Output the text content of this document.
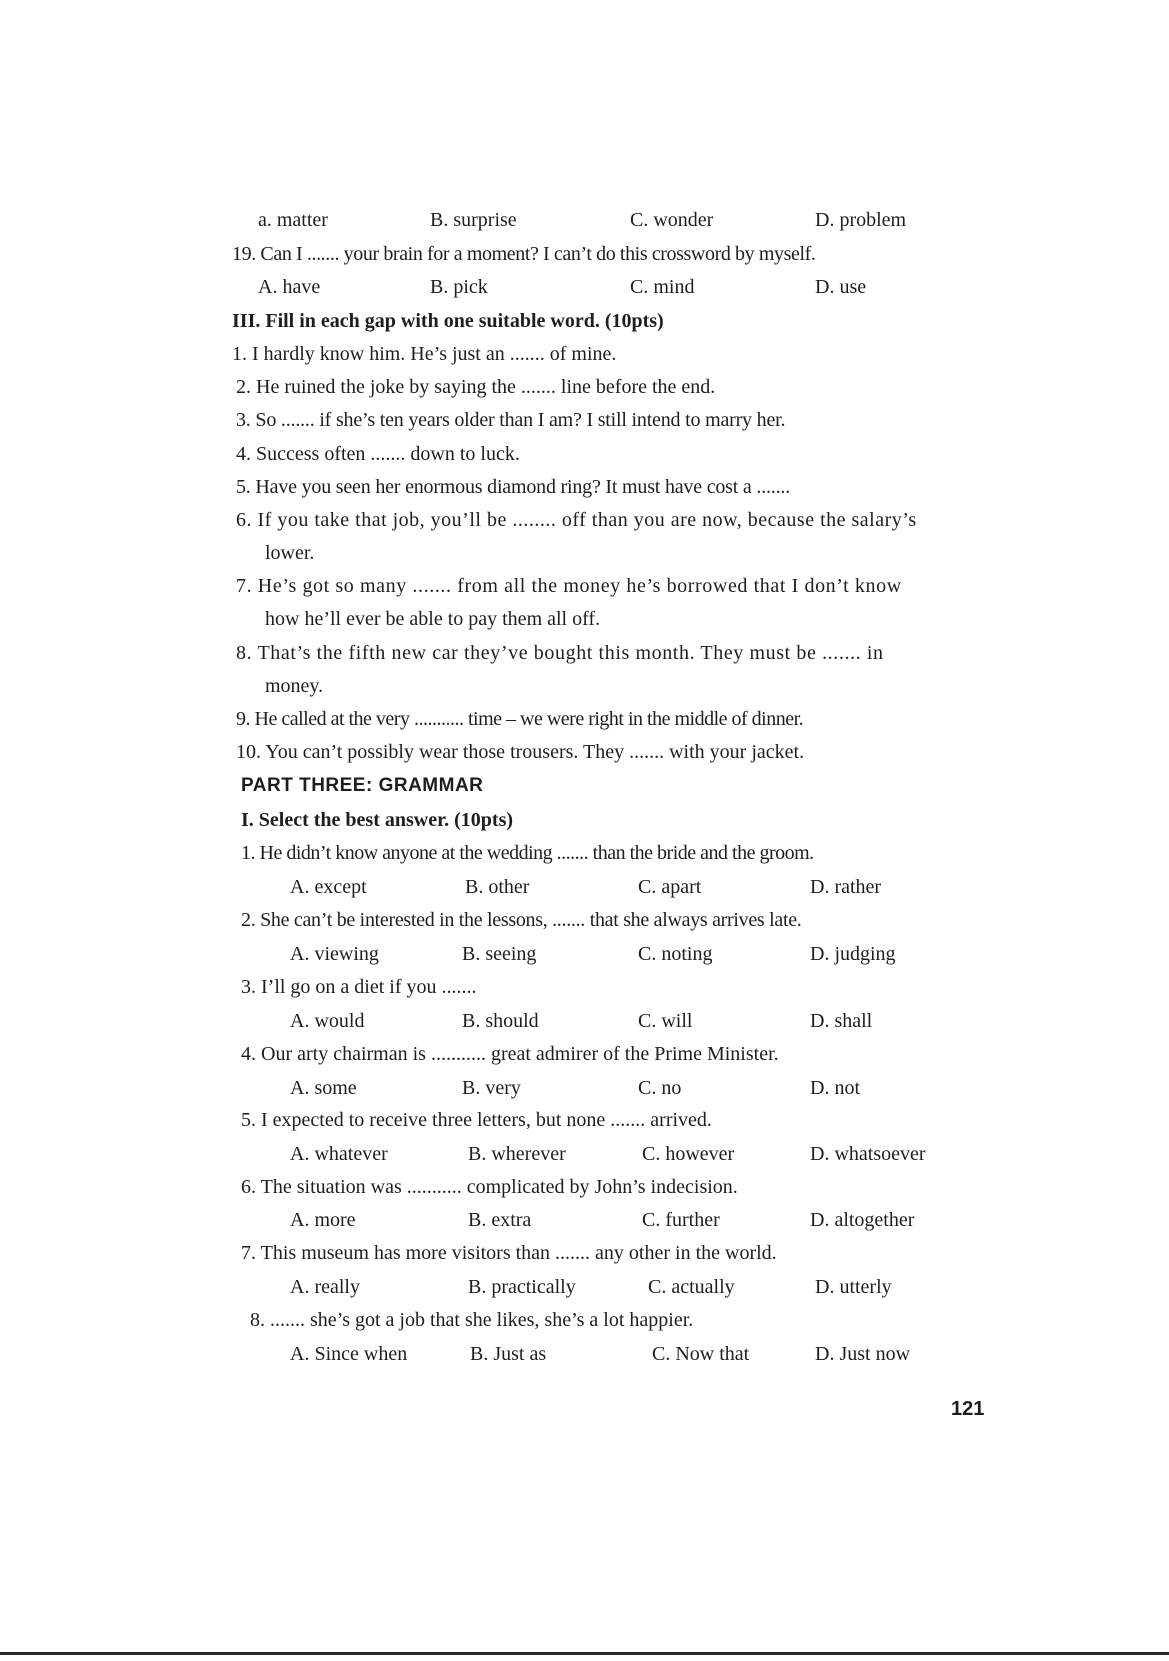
a. matter	B. surprise	C. wonder	D. problem
19. Can I ....... your brain for a moment? I can’t do this crossword by myself.
A. have	B. pick	C. mind	D. use
III. Fill in each gap with one suitable word. (10pts)
1. I hardly know him. He’s just an ....... of mine.
2. He ruined the joke by saying the ....... line before the end.
3. So ....... if she’s ten years older than I am? I still intend to marry her.
4. Success often ....... down to luck.
5. Have you seen her enormous diamond ring? It must have cost a .......
6. If you take that job, you’ll be ........ off than you are now, because the salary’s
lower.
7. He’s got so many ....... from all the money he’s borrowed that I don’t know
how he’ll ever be able to pay them all off.
8. That’s the fifth new car they’ve bought this month. They must be ....... in
money.
9. He called at the very ........... time – we were right in the middle of dinner.
10. You can’t possibly wear those trousers. They ....... with your jacket.
PART THREE: GRAMMAR
I. Select the best answer. (10pts)
1. He didn’t know anyone at the wedding ....... than the bride and the groom.
A. except	B. other	C. apart	D. rather
2. She can’t be interested in the lessons, ....... that she always arrives late.
A. viewing	B. seeing	C. noting	D. judging
3. I’ll go on a diet if you .......
A. would	B. should	C. will	D. shall
4. Our arty chairman is ........... great admirer of the Prime Minister.
A. some	B. very	C. no	D. not
5. I expected to receive three letters, but none ....... arrived.
A. whatever	B. wherever	C. however	D. whatsoever
6. The situation was ........... complicated by John’s indecision.
A. more	B. extra	C. further	D. altogether
7. This museum has more visitors than ....... any other in the world.
A. really	B. practically	C. actually	D. utterly
8. ....... she’s got a job that she likes, she’s a lot happier.
A. Since when	B. Just as	C. Now that	D. Just now
121
